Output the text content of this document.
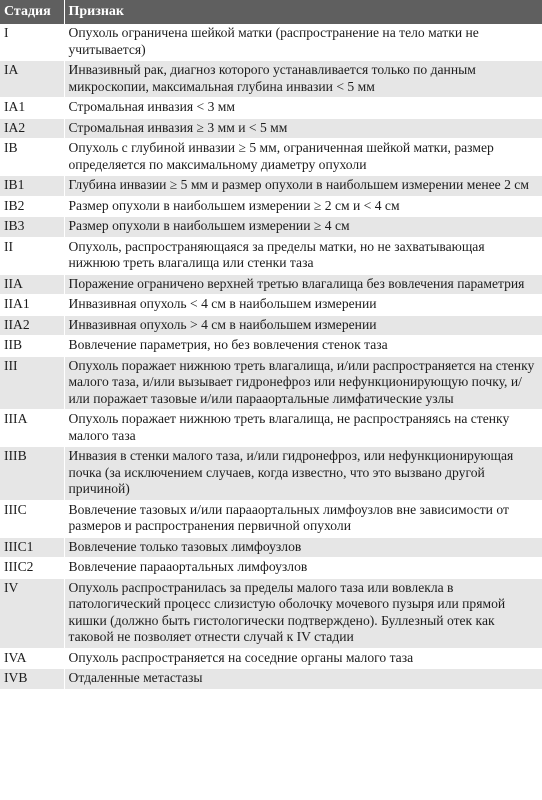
Стадия	Признак
I	Опухоль ограничена шейкой матки (распространение на тело матки не учитывается)
IA	Инвазивный рак, диагноз которого устанавливается только по данным микроскопии, максимальная глубина инвазии < 5 мм
IA1	Стромальная инвазия < 3 мм
IA2	Стромальная инвазия ≥ 3 мм и < 5 мм
IB	Опухоль с глубиной инвазии ≥ 5 мм, ограниченная шейкой матки, размер определяется по максимальному диаметру опухоли
IB1	Глубина инвазии ≥ 5 мм и размер опухоли в наибольшем измерении менее 2 см
IB2	Размер опухоли в наибольшем измерении ≥ 2 см и < 4 см
IB3	Размер опухоли в наибольшем измерении ≥ 4 см
II	Опухоль, распространяющаяся за пределы матки, но не захватывающая нижнюю треть влагалища или стенки таза
IIA	Поражение ограничено верхней третью влагалища без вовлечения параметрия
IIA1	Инвазивная опухоль < 4 см в наибольшем измерении
IIA2	Инвазивная опухоль > 4 см в наибольшем измерении
IIB	Вовлечение параметрия, но без вовлечения стенок таза
III	Опухоль поражает нижнюю треть влагалища, и/или распространяется на стенку малого таза, и/или вызывает гидронефроз или нефункционирующую почку, и/или поражает тазовые и/или парааортальные лимфатические узлы
IIIA	Опухоль поражает нижнюю треть влагалища, не распространяясь на стенку малого таза
IIIB	Инвазия в стенки малого таза, и/или гидронефроз, или нефункционирующая почка (за исключением случаев, когда известно, что это вызвано другой причиной)
IIIC	Вовлечение тазовых и/или парааортальных лимфоузлов вне зависимости от размеров и распространения первичной опухоли
IIIC1	Вовлечение только тазовых лимфоузлов
IIIC2	Вовлечение парааортальных лимфоузлов
IV	Опухоль распространилась за пределы малого таза или вовлекла в патологический процесс слизистую оболочку мочевого пузыря или прямой кишки (должно быть гистологически подтверждено). Буллезный отек как таковой не позволяет отнести случай к IV стадии
IVA	Опухоль распространяется на соседние органы малого таза
IVB	Отдаленные метастазы
